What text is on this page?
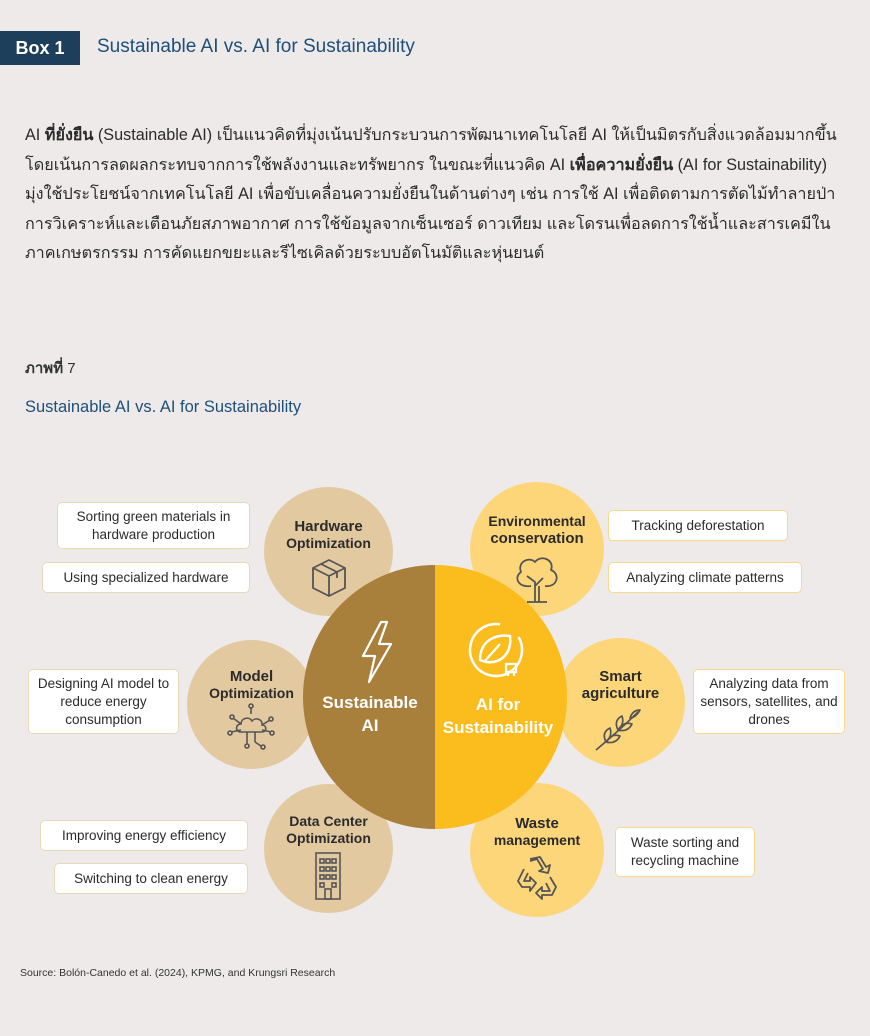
Box 1	Sustainable AI vs. AI for Sustainability
AI ที่ยั่งยืน (Sustainable AI) เป็นแนวคิดที่มุ่งเน้นปรับกระบวนการพัฒนาเทคโนโลยี AI ให้เป็นมิตรกับสิ่งแวดล้อมมากขึ้น โดยเน้นการลดผลกระทบจากการใช้พลังงานและทรัพยากร ในขณะที่แนวคิด AI เพื่อความยั่งยืน (AI for Sustainability) มุ่งใช้ประโยชน์จากเทคโนโลยี AI เพื่อขับเคลื่อนความยั่งยืนในด้านต่างๆ เช่น การใช้ AI เพื่อติดตามการตัดไม้ทำลายป่า การวิเคราะห์และเตือนภัยสภาพอากาศ การใช้ข้อมูลจากเซ็นเซอร์ ดาวเทียม และโดรนเพื่อลดการใช้น้ำและสารเคมีในภาคเกษตรกรรม การคัดแยกขยะและรีไซเคิลด้วยระบบอัตโนมัติและหุ่นยนต์
ภาพที่ 7
Sustainable AI vs. AI for Sustainability
Sustainable
AI
AI for
Sustainability
Hardware
Optimization
Model
Optimization
Data Center
Optimization
Environmental
conservation
Smart
agriculture
Waste
management
Sorting green materials in hardware production
Using specialized hardware
Designing AI model to reduce energy consumption
Improving energy efficiency
Switching to clean energy
Tracking deforestation
Analyzing climate patterns
Analyzing data from sensors, satellites, and drones
Waste sorting and recycling machine
Source: Bolón-Canedo et al. (2024), KPMG, and Krungsri Research
